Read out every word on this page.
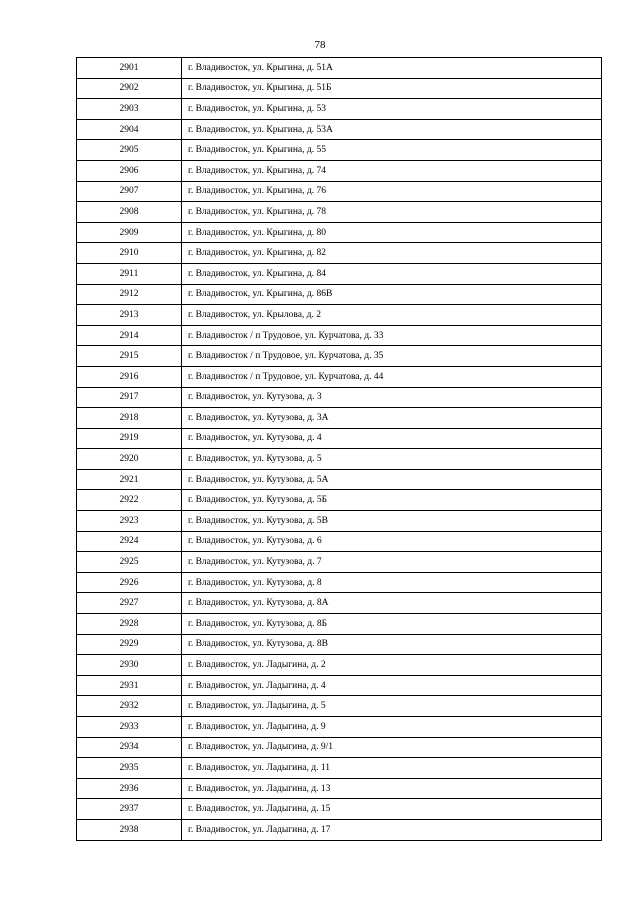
78
2901	г. Владивосток, ул. Крыгина, д. 51А
2902	г. Владивосток, ул. Крыгина, д. 51Б
2903	г. Владивосток, ул. Крыгина, д. 53
2904	г. Владивосток, ул. Крыгина, д. 53А
2905	г. Владивосток, ул. Крыгина, д. 55
2906	г. Владивосток, ул. Крыгина, д. 74
2907	г. Владивосток, ул. Крыгина, д. 76
2908	г. Владивосток, ул. Крыгина, д. 78
2909	г. Владивосток, ул. Крыгина, д. 80
2910	г. Владивосток, ул. Крыгина, д. 82
2911	г. Владивосток, ул. Крыгина, д. 84
2912	г. Владивосток, ул. Крыгина, д. 86В
2913	г. Владивосток, ул. Крылова, д. 2
2914	г. Владивосток / п Трудовое, ул. Курчатова, д. 33
2915	г. Владивосток / п Трудовое, ул. Курчатова, д. 35
2916	г. Владивосток / п Трудовое, ул. Курчатова, д. 44
2917	г. Владивосток, ул. Кутузова, д. 3
2918	г. Владивосток, ул. Кутузова, д. 3А
2919	г. Владивосток, ул. Кутузова, д. 4
2920	г. Владивосток, ул. Кутузова, д. 5
2921	г. Владивосток, ул. Кутузова, д. 5А
2922	г. Владивосток, ул. Кутузова, д. 5Б
2923	г. Владивосток, ул. Кутузова, д. 5В
2924	г. Владивосток, ул. Кутузова, д. 6
2925	г. Владивосток, ул. Кутузова, д. 7
2926	г. Владивосток, ул. Кутузова, д. 8
2927	г. Владивосток, ул. Кутузова, д. 8А
2928	г. Владивосток, ул. Кутузова, д. 8Б
2929	г. Владивосток, ул. Кутузова, д. 8В
2930	г. Владивосток, ул. Ладыгина, д. 2
2931	г. Владивосток, ул. Ладыгина, д. 4
2932	г. Владивосток, ул. Ладыгина, д. 5
2933	г. Владивосток, ул. Ладыгина, д. 9
2934	г. Владивосток, ул. Ладыгина, д. 9/1
2935	г. Владивосток, ул. Ладыгина, д. 11
2936	г. Владивосток, ул. Ладыгина, д. 13
2937	г. Владивосток, ул. Ладыгина, д. 15
2938	г. Владивосток, ул. Ладыгина, д. 17
